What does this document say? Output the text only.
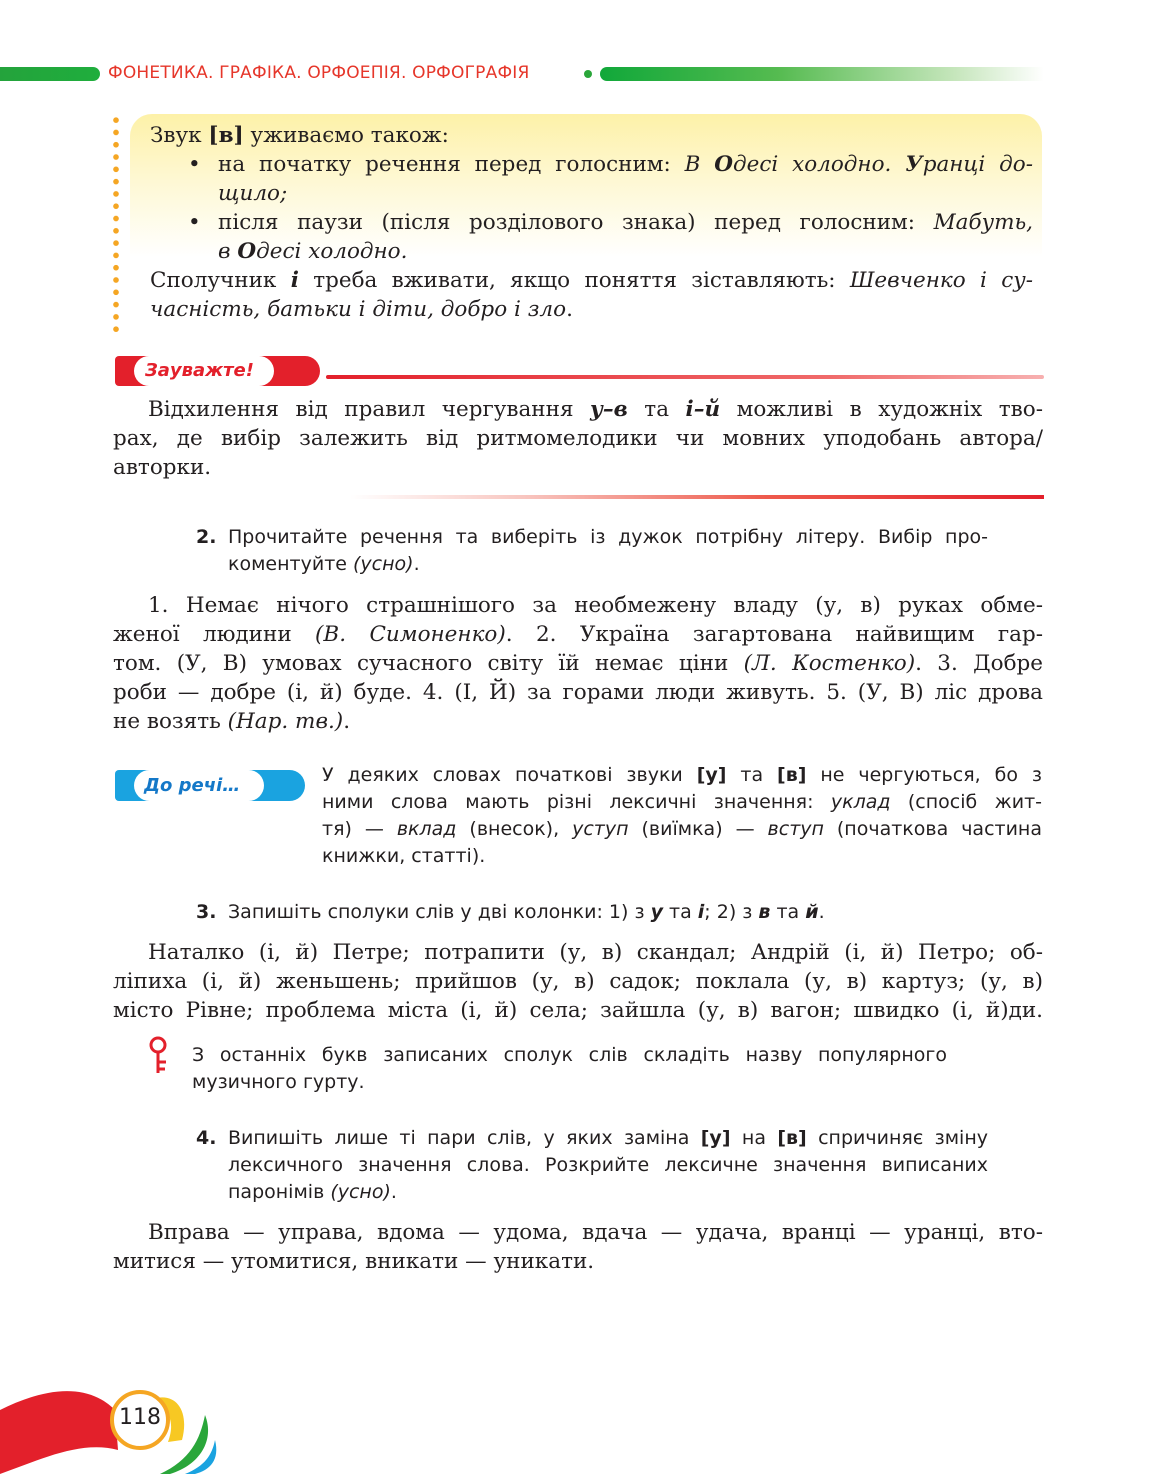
ФОНЕТИКА. ГРАФІКА. ОРФОЕПІЯ. ОРФОГРАФІЯ
Звук [в] уживаємо також:
• на початку речення перед голосним: В Одесі холодно. Уранці до-
щило;
• після паузи (після розділового знака) перед голосним: Мабуть,
в Одесі холодно.
Сполучник і треба вживати, якщо поняття зіставляють: Шевченко і су-
часність, батьки і діти, добро і зло.
Зауважте!
Відхилення від правил чергування у–в та і–й можливі в художніх тво-
рах, де вибір залежить від ритмомелодики чи мовних уподобань автора/
авторки.
2. Прочитайте речення та виберіть із дужок потрібну літеру. Вибір про-
коментуйте (усно).
1. Немає нічого страшнішого за необмежену владу (у, в) руках обме-
женої людини (В. Симоненко). 2. Україна загартована найвищим гар-
том. (У, В) умовах сучасного світу їй немає ціни (Л. Костенко). 3. Добре
роби — добре (і, й) буде. 4. (І, Й) за горами люди живуть. 5. (У, В) ліс дрова
не возять (Нар. тв.).
До речі…	У деяких словах початкові звуки [у] та [в] не чергуються, бо з
ними слова мають різні лексичні значення: уклад (спосіб жит-
тя) — вклад (внесок), уступ (виїмка) — вступ (початкова частина
книжки, статті).
3. Запишіть сполуки слів у дві колонки: 1) з у та і; 2) з в та й.
Наталко (і, й) Петре; потрапити (у, в) скандал; Андрій (і, й) Петро; об-
ліпиха (і, й) женьшень; прийшов (у, в) садок; поклала (у, в) картуз; (у, в)
місто Рівне; проблема міста (і, й) села; зайшла (у, в) вагон; швидко (і, й)ди.
З останніх букв записаних сполук слів складіть назву популярного
музичного гурту.
4. Випишіть лише ті пари слів, у яких заміна [у] на [в] спричиняє зміну
лексичного значення слова. Розкрийте лексичне значення виписаних
паронімів (усно).
Вправа — управа, вдома — удома, вдача — удача, вранці — уранці, вто-
митися — утомитися, вникати — уникати.
118
